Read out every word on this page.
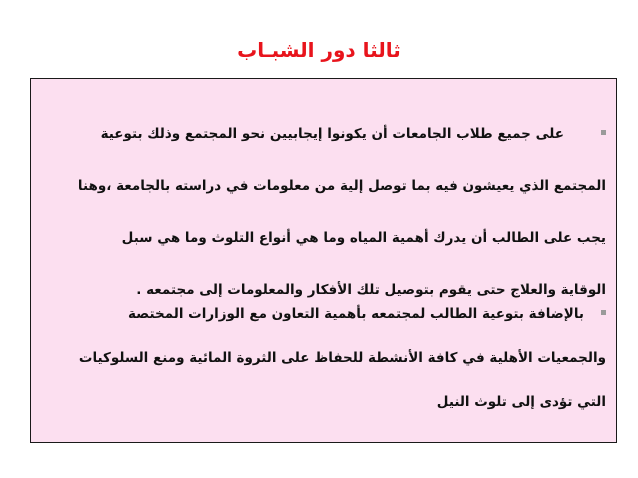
ثالثا دور الشبـاب
على جميع طلاب الجامعات أن يكونوا إيجابيين نحو المجتمع وذلك بتوعية
المجتمع الذي يعيشون فيه بما توصل إلية من معلومات في دراسته بالجامعة ،وهنا
يجب على الطالب أن يدرك أهمية المياه وما هي أنواع التلوث وما هي سبل
الوقاية والعلاج حتى يقوم بتوصيل تلك الأفكار والمعلومات إلى مجتمعه .
بالإضافة بتوعية الطالب لمجتمعه بأهمية التعاون مع الوزارات المختصة
والجمعيات الأهلية في كافة الأنشطة للحفاظ على الثروة المائية ومنع السلوكيات
التي تؤدى إلى تلوث النيل
